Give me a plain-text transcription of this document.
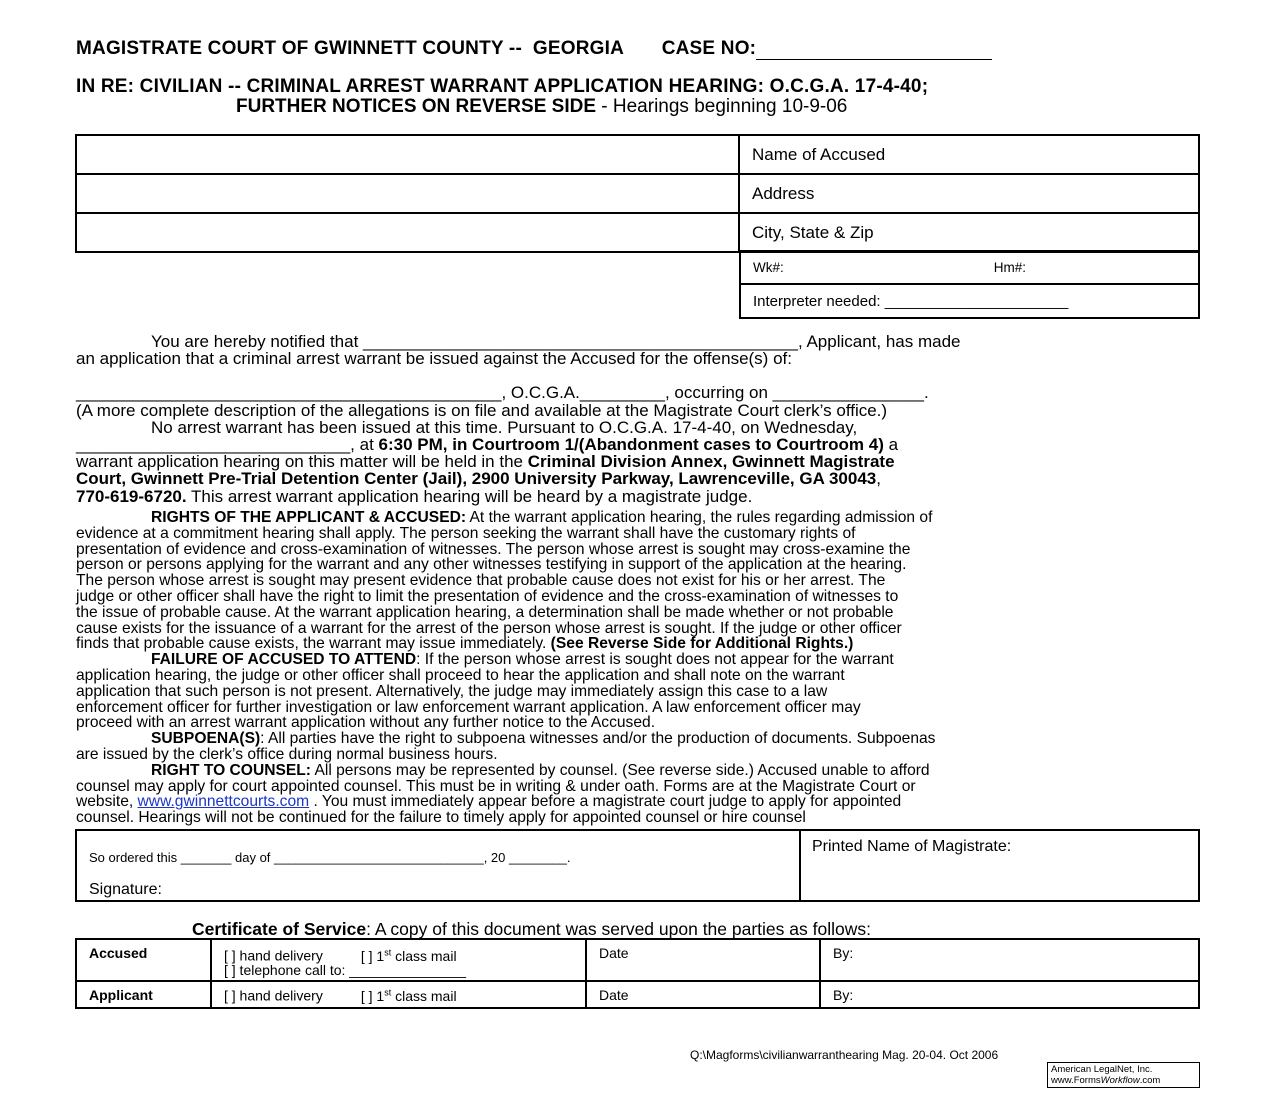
MAGISTRATE COURT OF GWINNETT COUNTY --  GEORGIA CASE NO:
IN RE: CIVILIAN -- CRIMINAL ARREST WARRANT APPLICATION HEARING: O.C.G.A. 17-4-40;
FURTHER NOTICES ON REVERSE SIDE - Hearings beginning 10-9-06
	Name of Accused
	Address
	City, State & Zip
Wk#:	Hm#:
Interpreter needed: ______________________

You are hereby notified that ______________________________________________, Applicant, has made

an application that a criminal arrest warrant be issued against the Accused for the offense(s) of:

_____________________________________________, O.C.G.A._________, occurring on ________________.

(A more complete description of the allegations is on file and available at the Magistrate Court clerk’s office.)

No arrest warrant has been issued at this time. Pursuant to O.C.G.A. 17-4-40, on Wednesday,

_____________________________, at 6:30 PM, in Courtroom 1/(Abandonment cases to Courtroom 4) a

warrant application hearing on this matter will be held in the Criminal Division Annex, Gwinnett Magistrate

Court, Gwinnett Pre-Trial Detention Center (Jail), 2900 University Parkway, Lawrenceville, GA 30043,

770-619-6720. This arrest warrant application hearing will be heard by a magistrate judge.

RIGHTS OF THE APPLICANT & ACCUSED: At the warrant application hearing, the rules regarding admission of

evidence at a commitment hearing shall apply. The person seeking the warrant shall have the customary rights of

presentation of evidence and cross-examination of witnesses. The person whose arrest is sought may cross-examine the

person or persons applying for the warrant and any other witnesses testifying in support of the application at the hearing.

The person whose arrest is sought may present evidence that probable cause does not exist for his or her arrest. The

judge or other officer shall have the right to limit the presentation of evidence and the cross-examination of witnesses to

the issue of probable cause. At the warrant application hearing, a determination shall be made whether or not probable

cause exists for the issuance of a warrant for the arrest of the person whose arrest is sought. If the judge or other officer

finds that probable cause exists, the warrant may issue immediately. (See Reverse Side for Additional Rights.)

FAILURE OF ACCUSED TO ATTEND: If the person whose arrest is sought does not appear for the warrant

application hearing, the judge or other officer shall proceed to hear the application and shall note on the warrant

application that such person is not present. Alternatively, the judge may immediately assign this case to a law

enforcement officer for further investigation or law enforcement warrant application. A law enforcement officer may

proceed with an arrest warrant application without any further notice to the Accused.

SUBPOENA(S): All parties have the right to subpoena witnesses and/or the production of documents. Subpoenas

are issued by the clerk’s office during normal business hours.

RIGHT TO COUNSEL: All persons may be represented by counsel. (See reverse side.) Accused unable to afford

counsel may apply for court appointed counsel. This must be in writing & under oath. Forms are at the Magistrate Court or

website, www.gwinnettcourts.com . You must immediately appear before a magistrate court judge to apply for appointed

counsel. Hearings will not be continued for the failure to timely apply for appointed counsel or hire counsel

So ordered this _______ day of _____________________________, 20 ________.
Signature:
	Printed Name of Magistrate:
Certificate of Service: A copy of this document was served upon the parties as follows:
Accused	[ ] hand delivery [ ] 1st class mail
[ ] telephone call to: _______________	Date	By:
Applicant	[ ] hand delivery [ ] 1st class mail	Date	By:
Q:\Magforms\civilianwarranthearing Mag. 20-04. Oct 2006
American LegalNet, Inc.
www.FormsWorkflow.com
